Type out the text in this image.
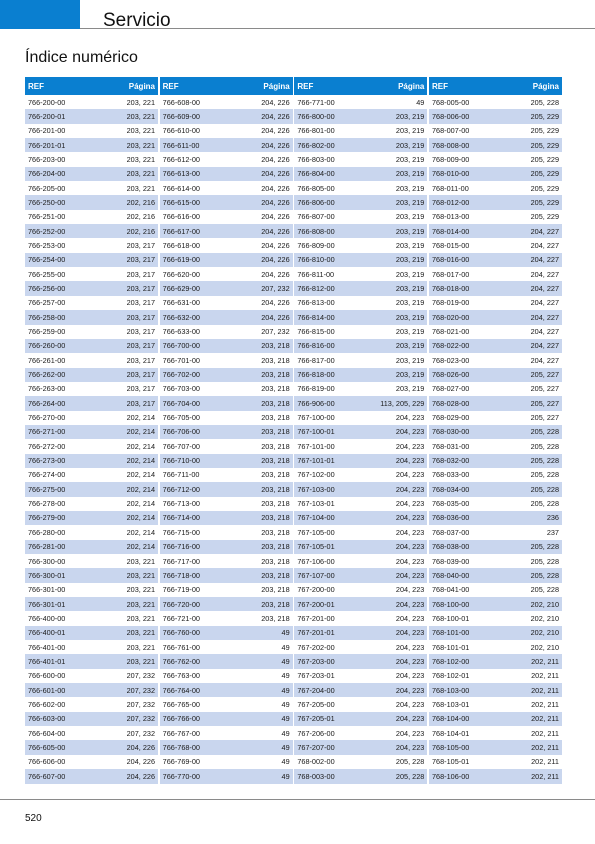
Servicio
Índice numérico
REF	Página
766-200-00	203, 221
766-200-01	203, 221
766-201-00	203, 221
766-201-01	203, 221
766-203-00	203, 221
766-204-00	203, 221
766-205-00	203, 221
766-250-00	202, 216
766-251-00	202, 216
766-252-00	202, 216
766-253-00	203, 217
766-254-00	203, 217
766-255-00	203, 217
766-256-00	203, 217
766-257-00	203, 217
766-258-00	203, 217
766-259-00	203, 217
766-260-00	203, 217
766-261-00	203, 217
766-262-00	203, 217
766-263-00	203, 217
766-264-00	203, 217
766-270-00	202, 214
766-271-00	202, 214
766-272-00	202, 214
766-273-00	202, 214
766-274-00	202, 214
766-275-00	202, 214
766-278-00	202, 214
766-279-00	202, 214
766-280-00	202, 214
766-281-00	202, 214
766-300-00	203, 221
766-300-01	203, 221
766-301-00	203, 221
766-301-01	203, 221
766-400-00	203, 221
766-400-01	203, 221
766-401-00	203, 221
766-401-01	203, 221
766-600-00	207, 232
766-601-00	207, 232
766-602-00	207, 232
766-603-00	207, 232
766-604-00	207, 232
766-605-00	204, 226
766-606-00	204, 226
766-607-00	204, 226
REF	Página
766-608-00	204, 226
766-609-00	204, 226
766-610-00	204, 226
766-611-00	204, 226
766-612-00	204, 226
766-613-00	204, 226
766-614-00	204, 226
766-615-00	204, 226
766-616-00	204, 226
766-617-00	204, 226
766-618-00	204, 226
766-619-00	204, 226
766-620-00	204, 226
766-629-00	207, 232
766-631-00	204, 226
766-632-00	204, 226
766-633-00	207, 232
766-700-00	203, 218
766-701-00	203, 218
766-702-00	203, 218
766-703-00	203, 218
766-704-00	203, 218
766-705-00	203, 218
766-706-00	203, 218
766-707-00	203, 218
766-710-00	203, 218
766-711-00	203, 218
766-712-00	203, 218
766-713-00	203, 218
766-714-00	203, 218
766-715-00	203, 218
766-716-00	203, 218
766-717-00	203, 218
766-718-00	203, 218
766-719-00	203, 218
766-720-00	203, 218
766-721-00	203, 218
766-760-00	49
766-761-00	49
766-762-00	49
766-763-00	49
766-764-00	49
766-765-00	49
766-766-00	49
766-767-00	49
766-768-00	49
766-769-00	49
766-770-00	49
REF	Página
766-771-00	49
766-800-00	203, 219
766-801-00	203, 219
766-802-00	203, 219
766-803-00	203, 219
766-804-00	203, 219
766-805-00	203, 219
766-806-00	203, 219
766-807-00	203, 219
766-808-00	203, 219
766-809-00	203, 219
766-810-00	203, 219
766-811-00	203, 219
766-812-00	203, 219
766-813-00	203, 219
766-814-00	203, 219
766-815-00	203, 219
766-816-00	203, 219
766-817-00	203, 219
766-818-00	203, 219
766-819-00	203, 219
766-906-00	113, 205, 229
767-100-00	204, 223
767-100-01	204, 223
767-101-00	204, 223
767-101-01	204, 223
767-102-00	204, 223
767-103-00	204, 223
767-103-01	204, 223
767-104-00	204, 223
767-105-00	204, 223
767-105-01	204, 223
767-106-00	204, 223
767-107-00	204, 223
767-200-00	204, 223
767-200-01	204, 223
767-201-00	204, 223
767-201-01	204, 223
767-202-00	204, 223
767-203-00	204, 223
767-203-01	204, 223
767-204-00	204, 223
767-205-00	204, 223
767-205-01	204, 223
767-206-00	204, 223
767-207-00	204, 223
768-002-00	205, 228
768-003-00	205, 228
REF	Página
768-005-00	205, 228
768-006-00	205, 229
768-007-00	205, 229
768-008-00	205, 229
768-009-00	205, 229
768-010-00	205, 229
768-011-00	205, 229
768-012-00	205, 229
768-013-00	205, 229
768-014-00	204, 227
768-015-00	204, 227
768-016-00	204, 227
768-017-00	204, 227
768-018-00	204, 227
768-019-00	204, 227
768-020-00	204, 227
768-021-00	204, 227
768-022-00	204, 227
768-023-00	204, 227
768-026-00	205, 227
768-027-00	205, 227
768-028-00	205, 227
768-029-00	205, 227
768-030-00	205, 228
768-031-00	205, 228
768-032-00	205, 228
768-033-00	205, 228
768-034-00	205, 228
768-035-00	205, 228
768-036-00	236
768-037-00	237
768-038-00	205, 228
768-039-00	205, 228
768-040-00	205, 228
768-041-00	205, 228
768-100-00	202, 210
768-100-01	202, 210
768-101-00	202, 210
768-101-01	202, 210
768-102-00	202, 211
768-102-01	202, 211
768-103-00	202, 211
768-103-01	202, 211
768-104-00	202, 211
768-104-01	202, 211
768-105-00	202, 211
768-105-01	202, 211
768-106-00	202, 211
520
